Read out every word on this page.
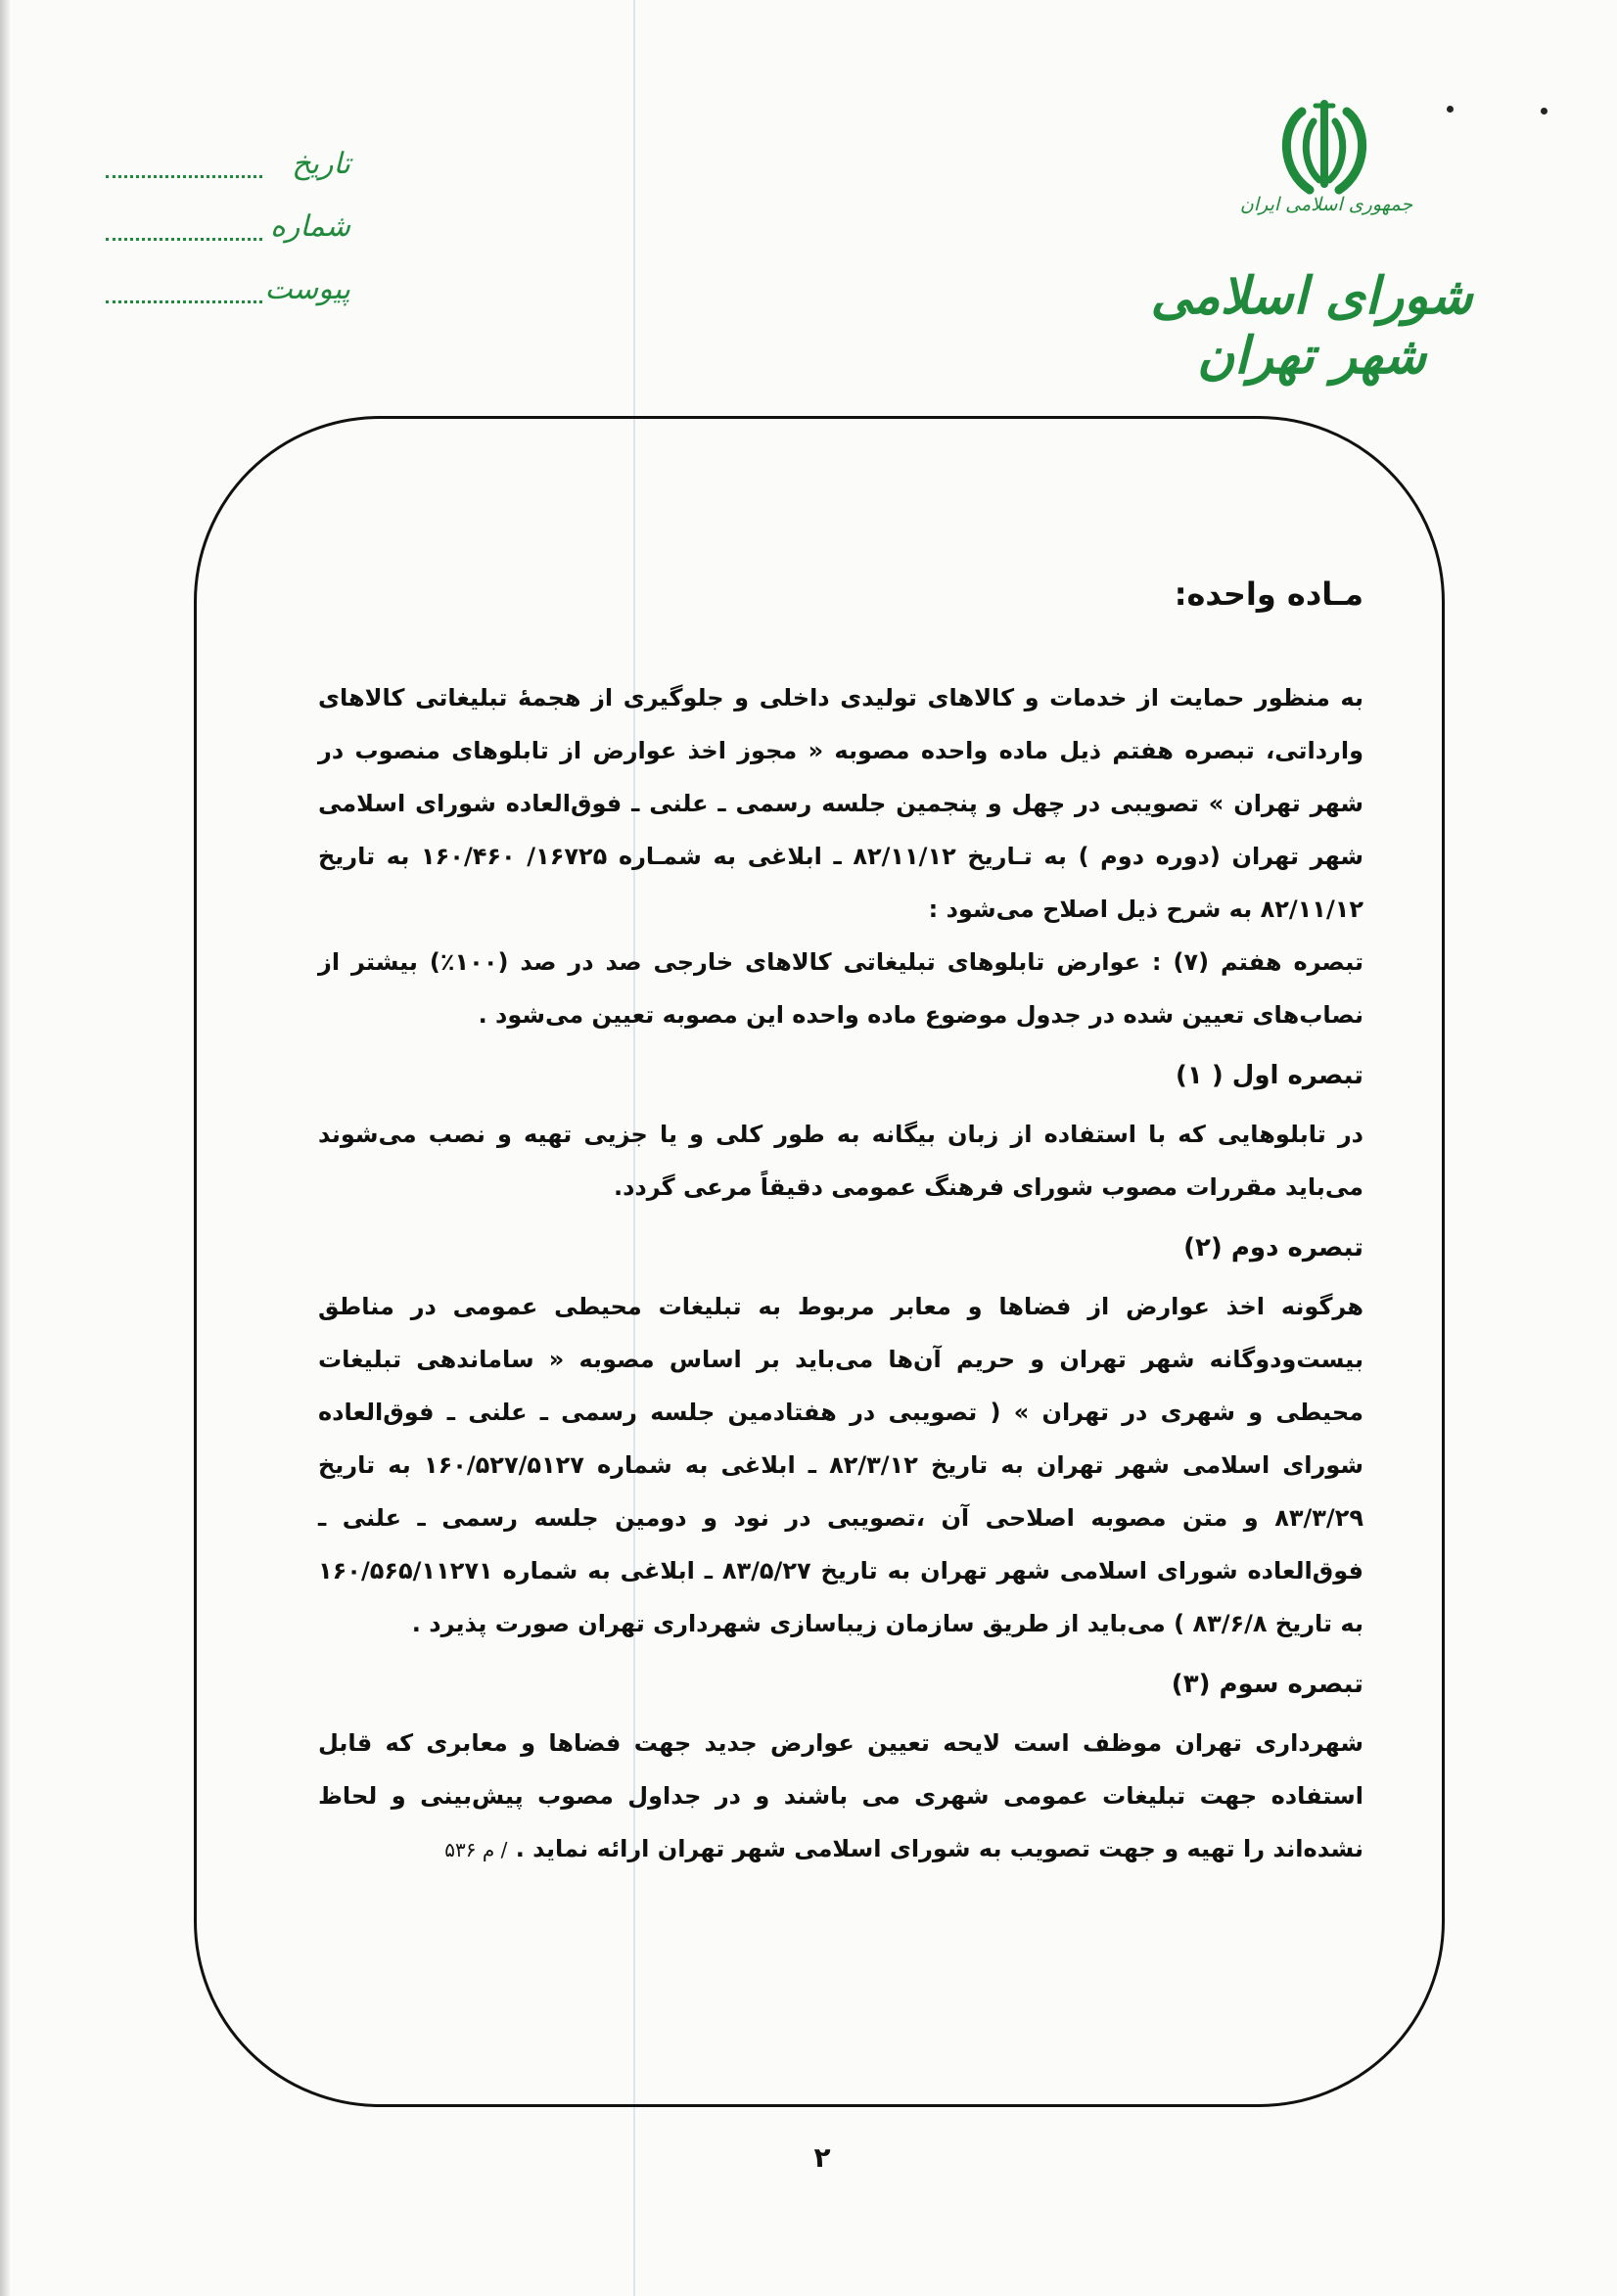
جمهوری اسلامی ایران
شورای اسلامی شهر تهران
تاریخ
شماره
پیوست
مـاده واحده:

به منظور حمایت از خدمات و کالاهای تولیدی داخلی و جلوگیری از هجمۀ تبلیغاتی کالاهای وارداتی، تبصره هفتم ذیل ماده واحده مصوبه « مجوز اخذ عوارض از تابلوهای منصوب در شهر تهران » تصویبی در چهل و پنجمین جلسه رسمی ـ علنی ـ فوق‌العاده شورای اسلامی شهر تهران (دوره دوم ) به تـاریخ ۸۲/۱۱/۱۲ ـ ابلاغی به شمـاره ۱۶۷۲۵/ ۱۶۰/۴۶۰ به تاریخ ۸۲/۱۱/۱۲ به شرح ذیل اصلاح می‌شود :

تبصره هفتم (۷) : عوارض تابلوهای تبلیغاتی کالاهای خارجی صد در صد (۱۰۰٪) بیشتر از نصاب‌های تعیین شده در جدول موضوع ماده واحده این مصوبه تعیین می‌شود .

تبصره اول ( ۱)

در تابلوهایی که با استفاده از زبان بیگانه به طور کلی و یا جزیی تهیه و نصب می‌شوند می‌باید مقررات مصوب شورای فرهنگ عمومی دقیقاً مرعی گردد.

تبصره دوم (۲)

هرگونه اخذ عوارض از فضاها و معابر مربوط به تبلیغات محیطی عمومی در مناطق بیست‌ودوگانه شهر تهران و حریم آن‌ها می‌باید بر اساس مصوبه « ساماندهی تبلیغات محیطی و شهری در تهران » ( تصویبی در هفتادمین جلسه رسمی ـ علنی ـ فوق‌العاده شورای اسلامی شهر تهران به تاریخ ۸۲/۳/۱۲ ـ ابلاغی به شماره ۱۶۰/۵۲۷/۵۱۲۷ به تاریخ ۸۳/۳/۲۹ و متن مصوبه اصلاحی آن ،تصویبی در نود و دومین جلسه رسمی ـ علنی ـ فوق‌العاده شورای اسلامی شهر تهران به تاریخ ۸۳/۵/۲۷ ـ ابلاغی به شماره ۱۶۰/۵۶۵/۱۱۲۷۱ به تاریخ ۸۳/۶/۸ ) می‌باید از طریق سازمان زیباسازی شهرداری تهران صورت پذیرد .

تبصره سوم (۳)

شهرداری تهران موظف است لایحه تعیین عوارض جدید جهت فضاها و معابری که قابل استفاده جهت تبلیغات عمومی شهری می باشند و در جداول مصوب پیش‌بینی و لحاظ نشده‌اند را تهیه و جهت تصویب به شورای اسلامی شهر تهران ارائه نماید . / م ۵۳۶

۲
